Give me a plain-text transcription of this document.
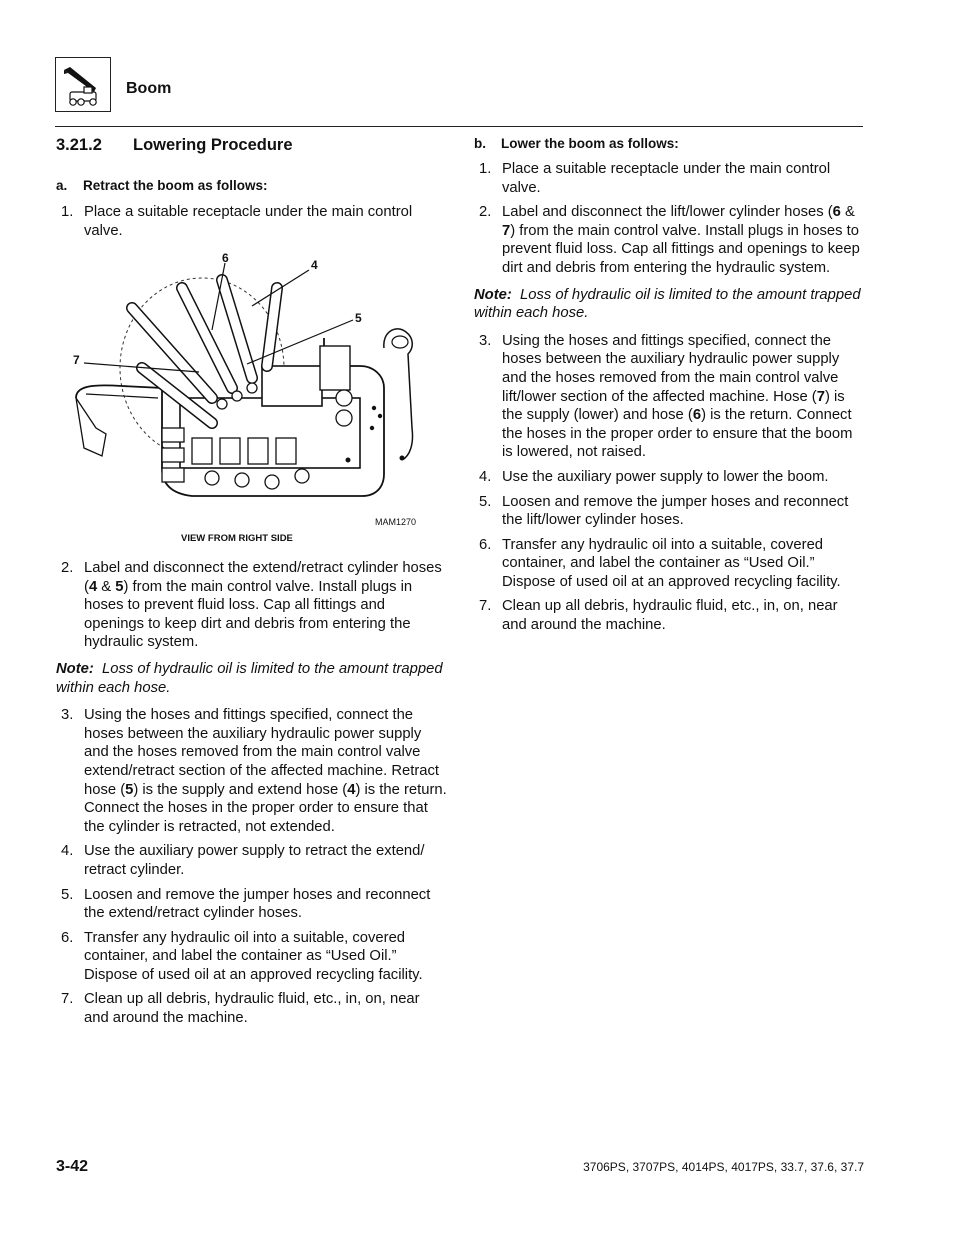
Boom
3.21.2	Lowering Procedure

a.	Retract the boom as follows:

1. Place a suitable receptacle under the main control valve.
6	4
5
7
MAM1270
VIEW FROM RIGHT SIDE
2. Label and disconnect the extend/retract cylinder hoses (4 & 5) from the main control valve. Install plugs in hoses to prevent fluid loss. Cap all fittings and openings to keep dirt and debris from entering the hydraulic system.

Note: Loss of hydraulic oil is limited to the amount trapped within each hose.

3. Using the hoses and fittings specified, connect the hoses between the auxiliary hydraulic power supply and the hoses removed from the main control valve extend/retract section of the affected machine. Retract hose (5) is the supply and extend hose (4) is the return. Connect the hoses in the proper order to ensure that the cylinder is retracted, not extended.
4. Use the auxiliary power supply to retract the extend/ retract cylinder.
5. Loosen and remove the jumper hoses and reconnect the extend/retract cylinder hoses.
6. Transfer any hydraulic oil into a suitable, covered container, and label the container as “Used Oil.” Dispose of used oil at an approved recycling facility.
7. Clean up all debris, hydraulic fluid, etc., in, on, near and around the machine.

b.	Lower the boom as follows:

1. Place a suitable receptacle under the main control valve.
2. Label and disconnect the lift/lower cylinder hoses (6 & 7) from the main control valve. Install plugs in hoses to prevent fluid loss. Cap all fittings and openings to keep dirt and debris from entering the hydraulic system.

Note: Loss of hydraulic oil is limited to the amount trapped within each hose.

3. Using the hoses and fittings specified, connect the hoses between the auxiliary hydraulic power supply and the hoses removed from the main control valve lift/lower section of the affected machine. Hose (7) is the supply (lower) and hose (6) is the return. Connect the hoses in the proper order to ensure that the boom is lowered, not raised.
4. Use the auxiliary power supply to lower the boom.
5. Loosen and remove the jumper hoses and reconnect the lift/lower cylinder hoses.
6. Transfer any hydraulic oil into a suitable, covered container, and label the container as “Used Oil.” Dispose of used oil at an approved recycling facility.
7. Clean up all debris, hydraulic fluid, etc., in, on, near and around the machine.
3-42	3706PS, 3707PS, 4014PS, 4017PS, 33.7, 37.6, 37.7
